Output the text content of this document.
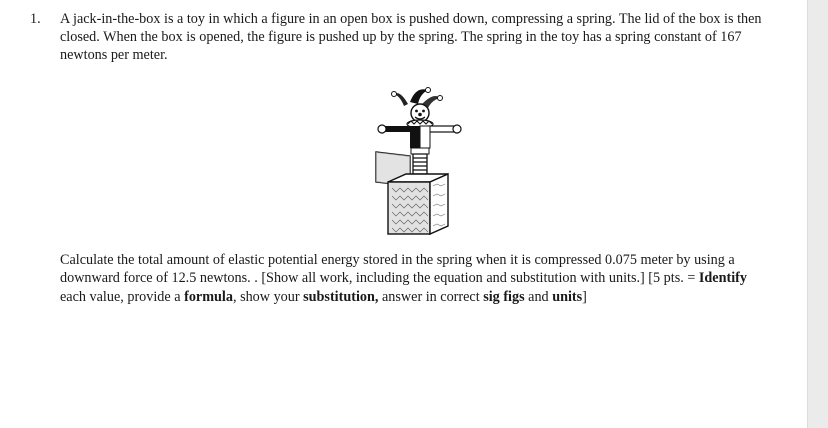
1. A jack-in-the-box is a toy in which a figure in an open box is pushed down, compressing a spring. The lid of the box is then closed. When the box is opened, the figure is pushed up by the spring. The spring in the toy has a spring constant of 167 newtons per meter.
Calculate the total amount of elastic potential energy stored in the spring when it is compressed 0.075 meter by using a downward force of 12.5 newtons. . [Show all work, including the equation and substitution with units.] [5 pts. = Identify each value, provide a formula, show your substitution, answer in correct sig figs and units]
